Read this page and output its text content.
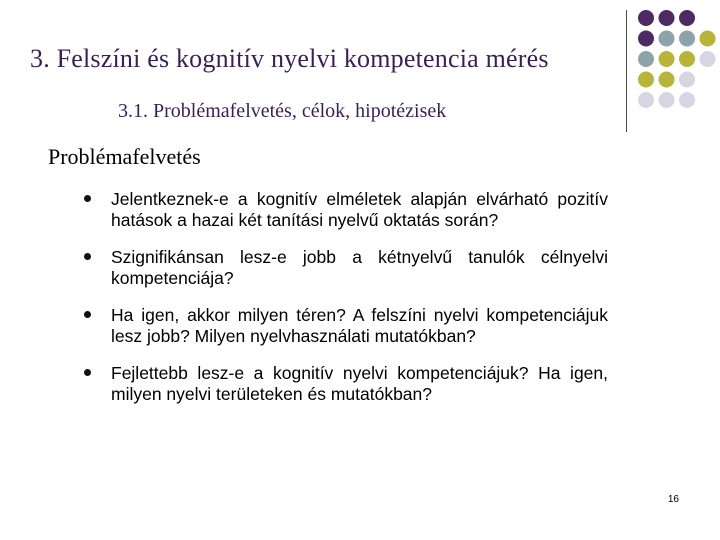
3. Felszíni és kognitív nyelvi kompetencia mérés
3.1. Problémafelvetés, célok, hipotézisek
Problémafelvetés
Jelentkeznek-e a kognitív elméletek alapján elvárható pozitív hatások a hazai két tanítási nyelvű oktatás során?
Szignifikánsan lesz-e jobb a kétnyelvű tanulók célnyelvi kompetenciája?
Ha igen, akkor milyen téren? A felszíni nyelvi kompetenciájuk lesz jobb? Milyen nyelvhasználati mutatókban?
Fejlettebb lesz-e a kognitív nyelvi kompetenciájuk? Ha igen, milyen nyelvi területeken és mutatókban?
16
